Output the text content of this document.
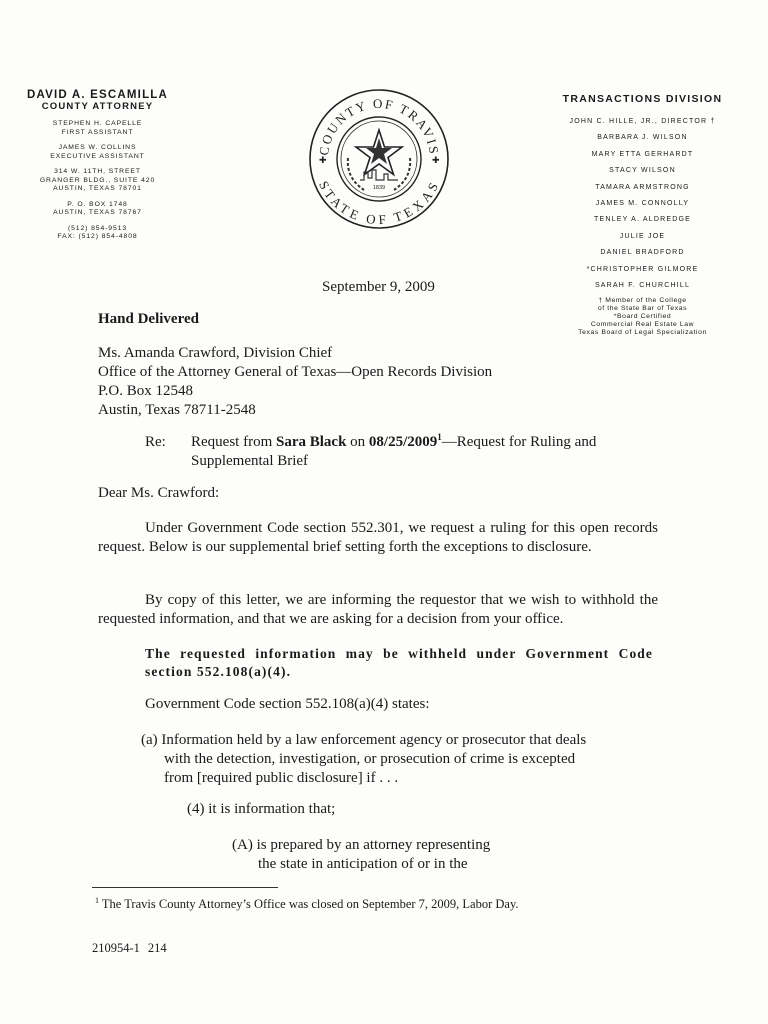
DAVID A. ESCAMILLA
COUNTY ATTORNEY
STEPHEN H. CAPELLE
FIRST ASSISTANT
JAMES W. COLLINS
EXECUTIVE ASSISTANT
314 W. 11TH, STREET
GRANGER BLDG., SUITE 420
AUSTIN, TEXAS 78701
P. O. BOX 1748
AUSTIN, TEXAS 78767
(512) 854-9513
FAX: (512) 854-4808
COUNTY OF TRAVIS
STATE OF TEXAS
✚	✚
1839
TRANSACTIONS DIVISION
JOHN C. HILLE, JR., DIRECTOR †
BARBARA J. WILSON
MARY ETTA GERHARDT
STACY WILSON
TAMARA ARMSTRONG
JAMES M. CONNOLLY
TENLEY A. ALDREDGE
JULIE JOE
DANIEL BRADFORD
*CHRISTOPHER GILMORE
SARAH F. CHURCHILL
† Member of the College
of the State Bar of Texas
*Board Certified
Commercial Real Estate Law
Texas Board of Legal Specialization
September 9, 2009
Hand Delivered
Ms. Amanda Crawford, Division Chief
Office of the Attorney General of Texas—Open Records Division
P.O. Box 12548
Austin, Texas 78711-2548
Re: Request from Sara Black on 08/25/2009$^1$—Request for Ruling and
Supplemental Brief
Dear Ms. Crawford:
Under Government Code section 552.301, we request a ruling for this open records request. Below is our supplemental brief setting forth the exceptions to disclosure.
By copy of this letter, we are informing the requestor that we wish to withhold the requested information, and that we are asking for a decision from your office.
The requested information may be withheld under Government Code section 552.108(a)(4).
Government Code section 552.108(a)(4) states:
(a) Information held by a law enforcement agency or prosecutor that deals
with the detection, investigation, or prosecution of crime is excepted
from [required public disclosure] if . . .
(4) it is information that;
(A) is prepared by an attorney representing
the state in anticipation of or in the
$^1$ The Travis County Attorney’s Office was closed on September 7, 2009, Labor Day.
210954-1 214
